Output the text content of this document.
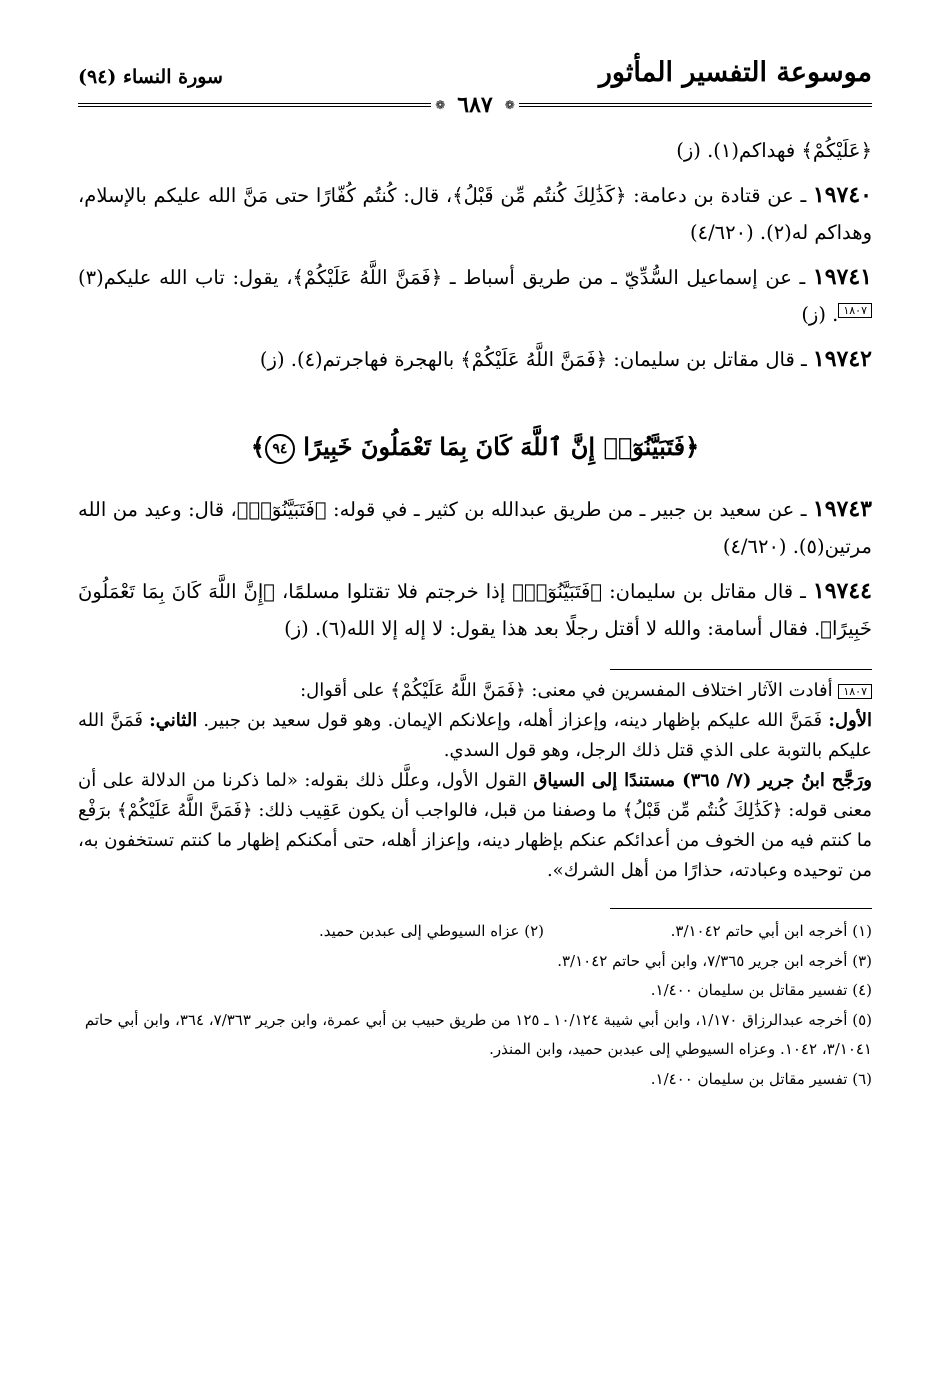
موسوعة التفسير المأثور
سورة النساء (٩٤)
❁
٦٨٧
❁

﴿عَلَيْكُمْ﴾ فهداكم(١). (ز)

١٩٧٤٠ ـ عن قتادة بن دعامة: ﴿كَذَٰلِكَ كُنتُم مِّن قَبْلُ﴾، قال: كُنتُم كُفّارًا حتى مَنَّ الله عليكم بالإسلام، وهداكم له(٢). (٤/٦٢٠)

١٩٧٤١ ـ عن إسماعيل السُّدِّيّ ـ من طريق أسباط ـ ﴿فَمَنَّ اللَّهُ عَلَيْكُمْ﴾، يقول: تاب الله عليكم(٣)١٨٠٧. (ز)

١٩٧٤٢ ـ قال مقاتل بن سليمان: ﴿فَمَنَّ اللَّهُ عَلَيْكُمْ﴾ بالهجرة فهاجرتم(٤). (ز)

﴿فَتَبَيَّنُوٓا۟ إِنَّ ٱللَّهَ كَانَ بِمَا تَعْمَلُونَ خَبِيرًا ٩٤﴾

١٩٧٤٣ ـ عن سعيد بن جبير ـ من طريق عبدالله بن كثير ـ في قوله: ﴿فَتَبَيَّنُوٓا۟﴾، قال: وعيد من الله مرتين(٥). (٤/٦٢٠)

١٩٧٤٤ ـ قال مقاتل بن سليمان: ﴿فَتَبَيَّنُوٓا۟﴾ إذا خرجتم فلا تقتلوا مسلمًا، ﴿إِنَّ اللَّهَ كَانَ بِمَا تَعْمَلُونَ خَبِيرًا﴾. فقال أسامة: والله لا أقتل رجلًا بعد هذا يقول: لا إله إلا الله(٦). (ز)

١٨٠٧ أفادت الآثار اختلاف المفسرين في معنى: ﴿فَمَنَّ اللَّهُ عَلَيْكُمْ﴾ على أقوال:

الأول: فَمَنَّ الله عليكم بإظهار دينه، وإعزاز أهله، وإعلانكم الإيمان. وهو قول سعيد بن جبير. الثاني: فَمَنَّ الله عليكم بالتوبة على الذي قتل ذلك الرجل، وهو قول السدي.

ورَجَّح ابنُ جرير (٧/ ٣٦٥) مستندًا إلى السياق القول الأول، وعلَّل ذلك بقوله: «لما ذكرنا من الدلالة على أن معنى قوله: ﴿كَذَٰلِكَ كُنتُم مِّن قَبْلُ﴾ ما وصفنا من قبل، فالواجب أن يكون عَقِيب ذلك: ﴿فَمَنَّ اللَّهُ عَلَيْكُمْ﴾ برَفْع ما كنتم فيه من الخوف من أعدائكم عنكم بإظهار دينه، وإعزاز أهله، حتى أمكنكم إظهار ما كنتم تستخفون به، من توحيده وعبادته، حذارًا من أهل الشرك».

(١) أخرجه ابن أبي حاتم ٣/١٠٤٢.
(٢) عزاه السيوطي إلى عبدبن حميد.

(٣) أخرجه ابن جرير ٧/٣٦٥، وابن أبي حاتم ٣/١٠٤٢.

(٤) تفسير مقاتل بن سليمان ١/٤٠٠.

(٥) أخرجه عبدالرزاق ١/١٧٠، وابن أبي شيبة ١٠/١٢٤ ـ ١٢٥ من طريق حبيب بن أبي عمرة، وابن جرير ٧/٣٦٣، ٣٦٤، وابن أبي حاتم ٣/١٠٤١، ١٠٤٢. وعزاه السيوطي إلى عبدبن حميد، وابن المنذر.

(٦) تفسير مقاتل بن سليمان ١/٤٠٠.
